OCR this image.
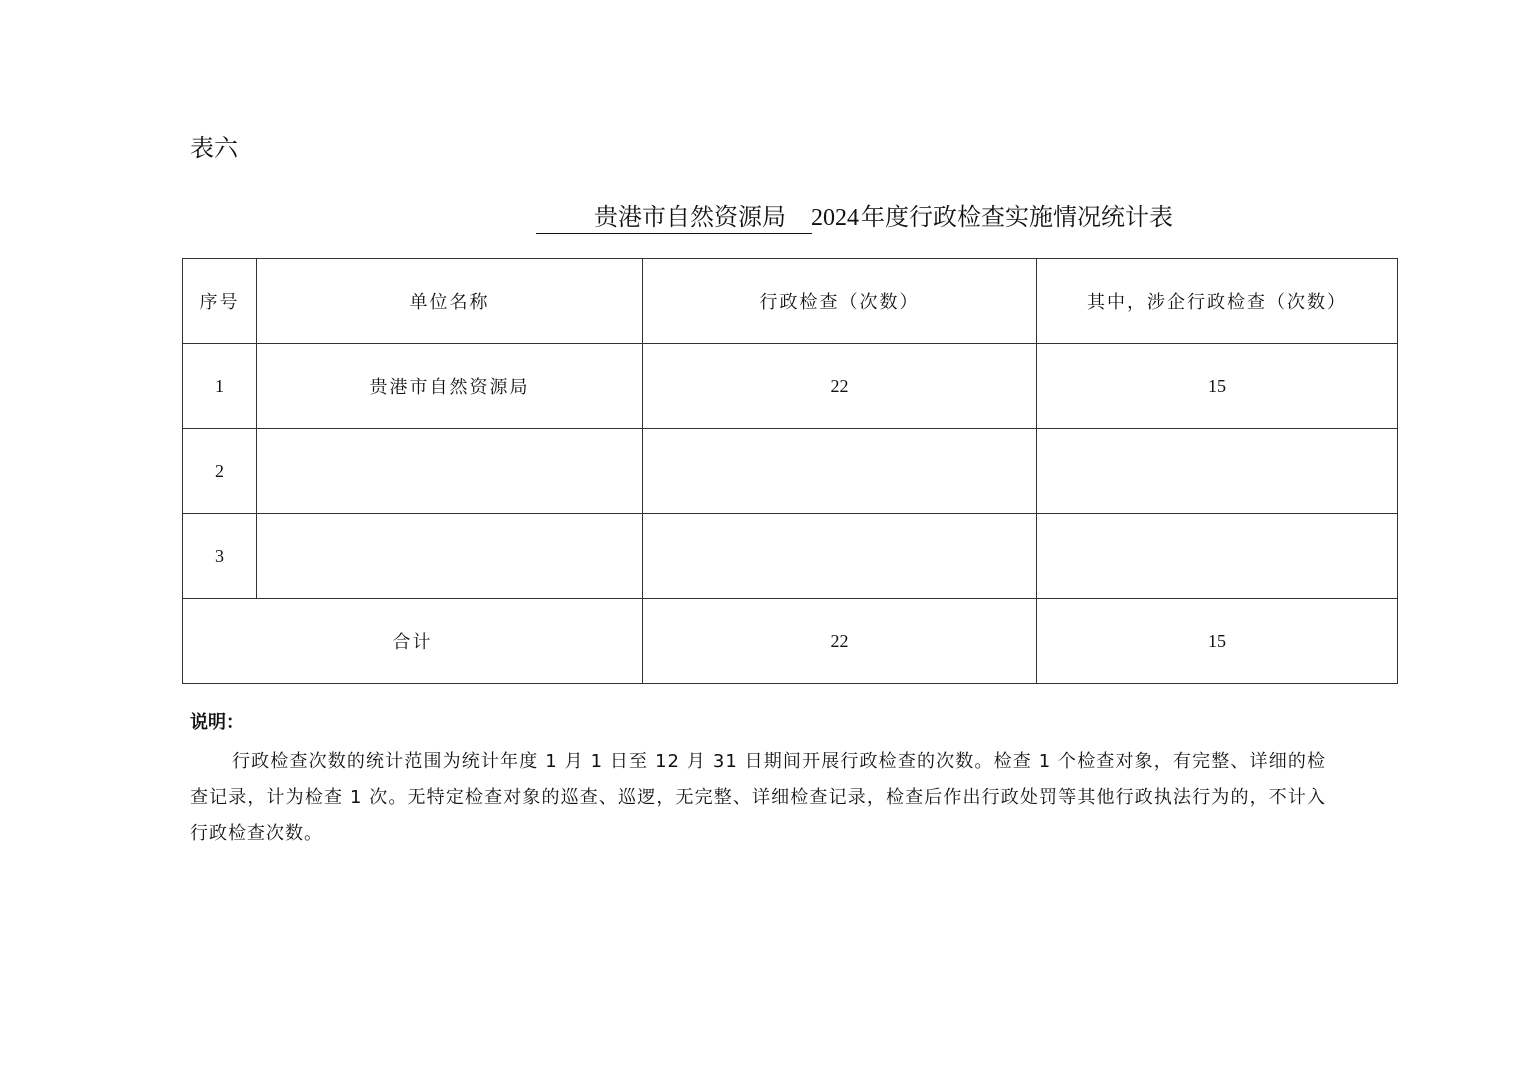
表六
贵港市自然资源局 2024年度行政检查实施情况统计表
序号	单位名称	行政检查（次数）	其中，涉企行政检查（次数）
1	贵港市自然资源局	22	15
2			
3			
合计		22	15
说明：
行政检查次数的统计范围为统计年度 1 月 1 日至 12 月 31 日期间开展行政检查的次数。检查 1 个检查对象，有完整、详细的检查记录，计为检查 1 次。无特定检查对象的巡查、巡逻，无完整、详细检查记录，检查后作出行政处罚等其他行政执法行为的，不计入行政检查次数。
